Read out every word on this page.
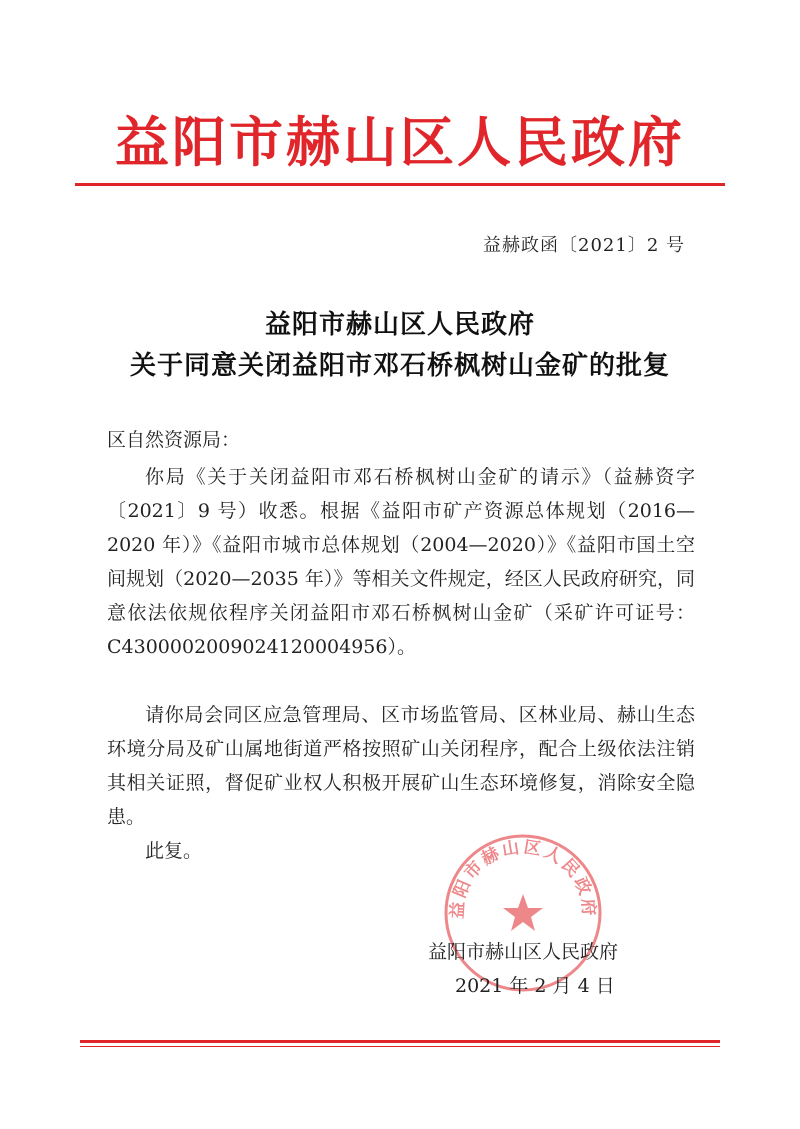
益阳市赫山区人民政府
益赫政函〔2021〕2 号
益阳市赫山区人民政府
关于同意关闭益阳市邓石桥枫树山金矿的批复
区自然资源局：

你局《关于关闭益阳市邓石桥枫树山金矿的请示》（益赫资字〔2021〕9 号）收悉。根据《益阳市矿产资源总体规划（2016—2020 年）》《益阳市城市总体规划（2004—2020）》《益阳市国土空间规划（2020—2035 年）》等相关文件规定，经区人民政府研究，同意依法依规依程序关闭益阳市邓石桥枫树山金矿（采矿许可证号：C4300002009024120004956）。

请你局会同区应急管理局、区市场监管局、区林业局、赫山生态环境分局及矿山属地街道严格按照矿山关闭程序，配合上级依法注销其相关证照，督促矿业权人积极开展矿山生态环境修复，消除安全隐患。

此复。

益阳市赫山区人民政府
益阳市赫山区人民政府
2021 年 2 月 4 日
